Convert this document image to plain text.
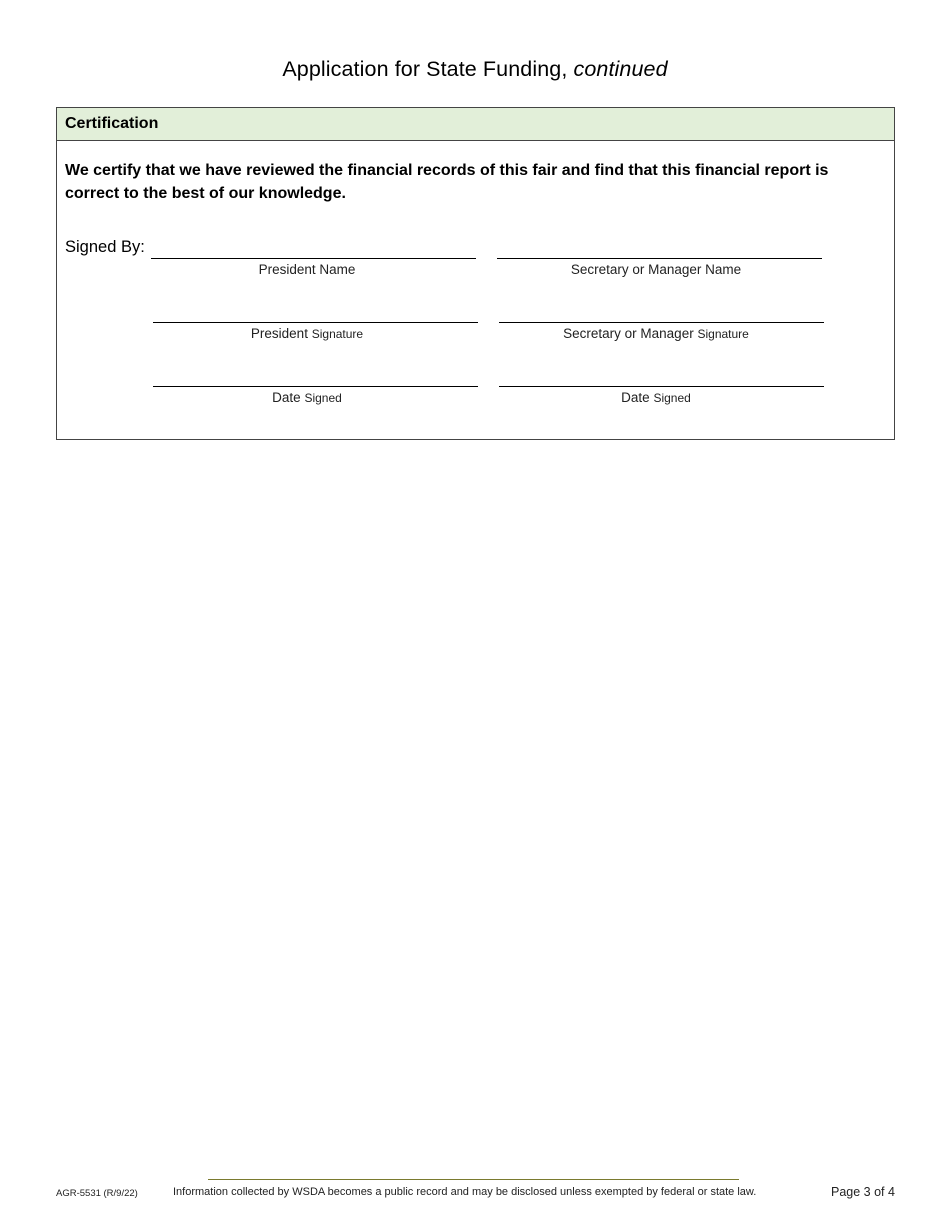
Application for State Funding, continued
Certification
We certify that we have reviewed the financial records of this fair and find that this financial report is correct to the best of our knowledge.
Signed By:
President Name	Secretary or Manager Name
President Signature	Secretary or Manager Signature
Date Signed	Date Signed
AGR-5531 (R/9/22)	Information collected by WSDA becomes a public record and may be disclosed unless exempted by federal or state law.	Page 3 of 4
